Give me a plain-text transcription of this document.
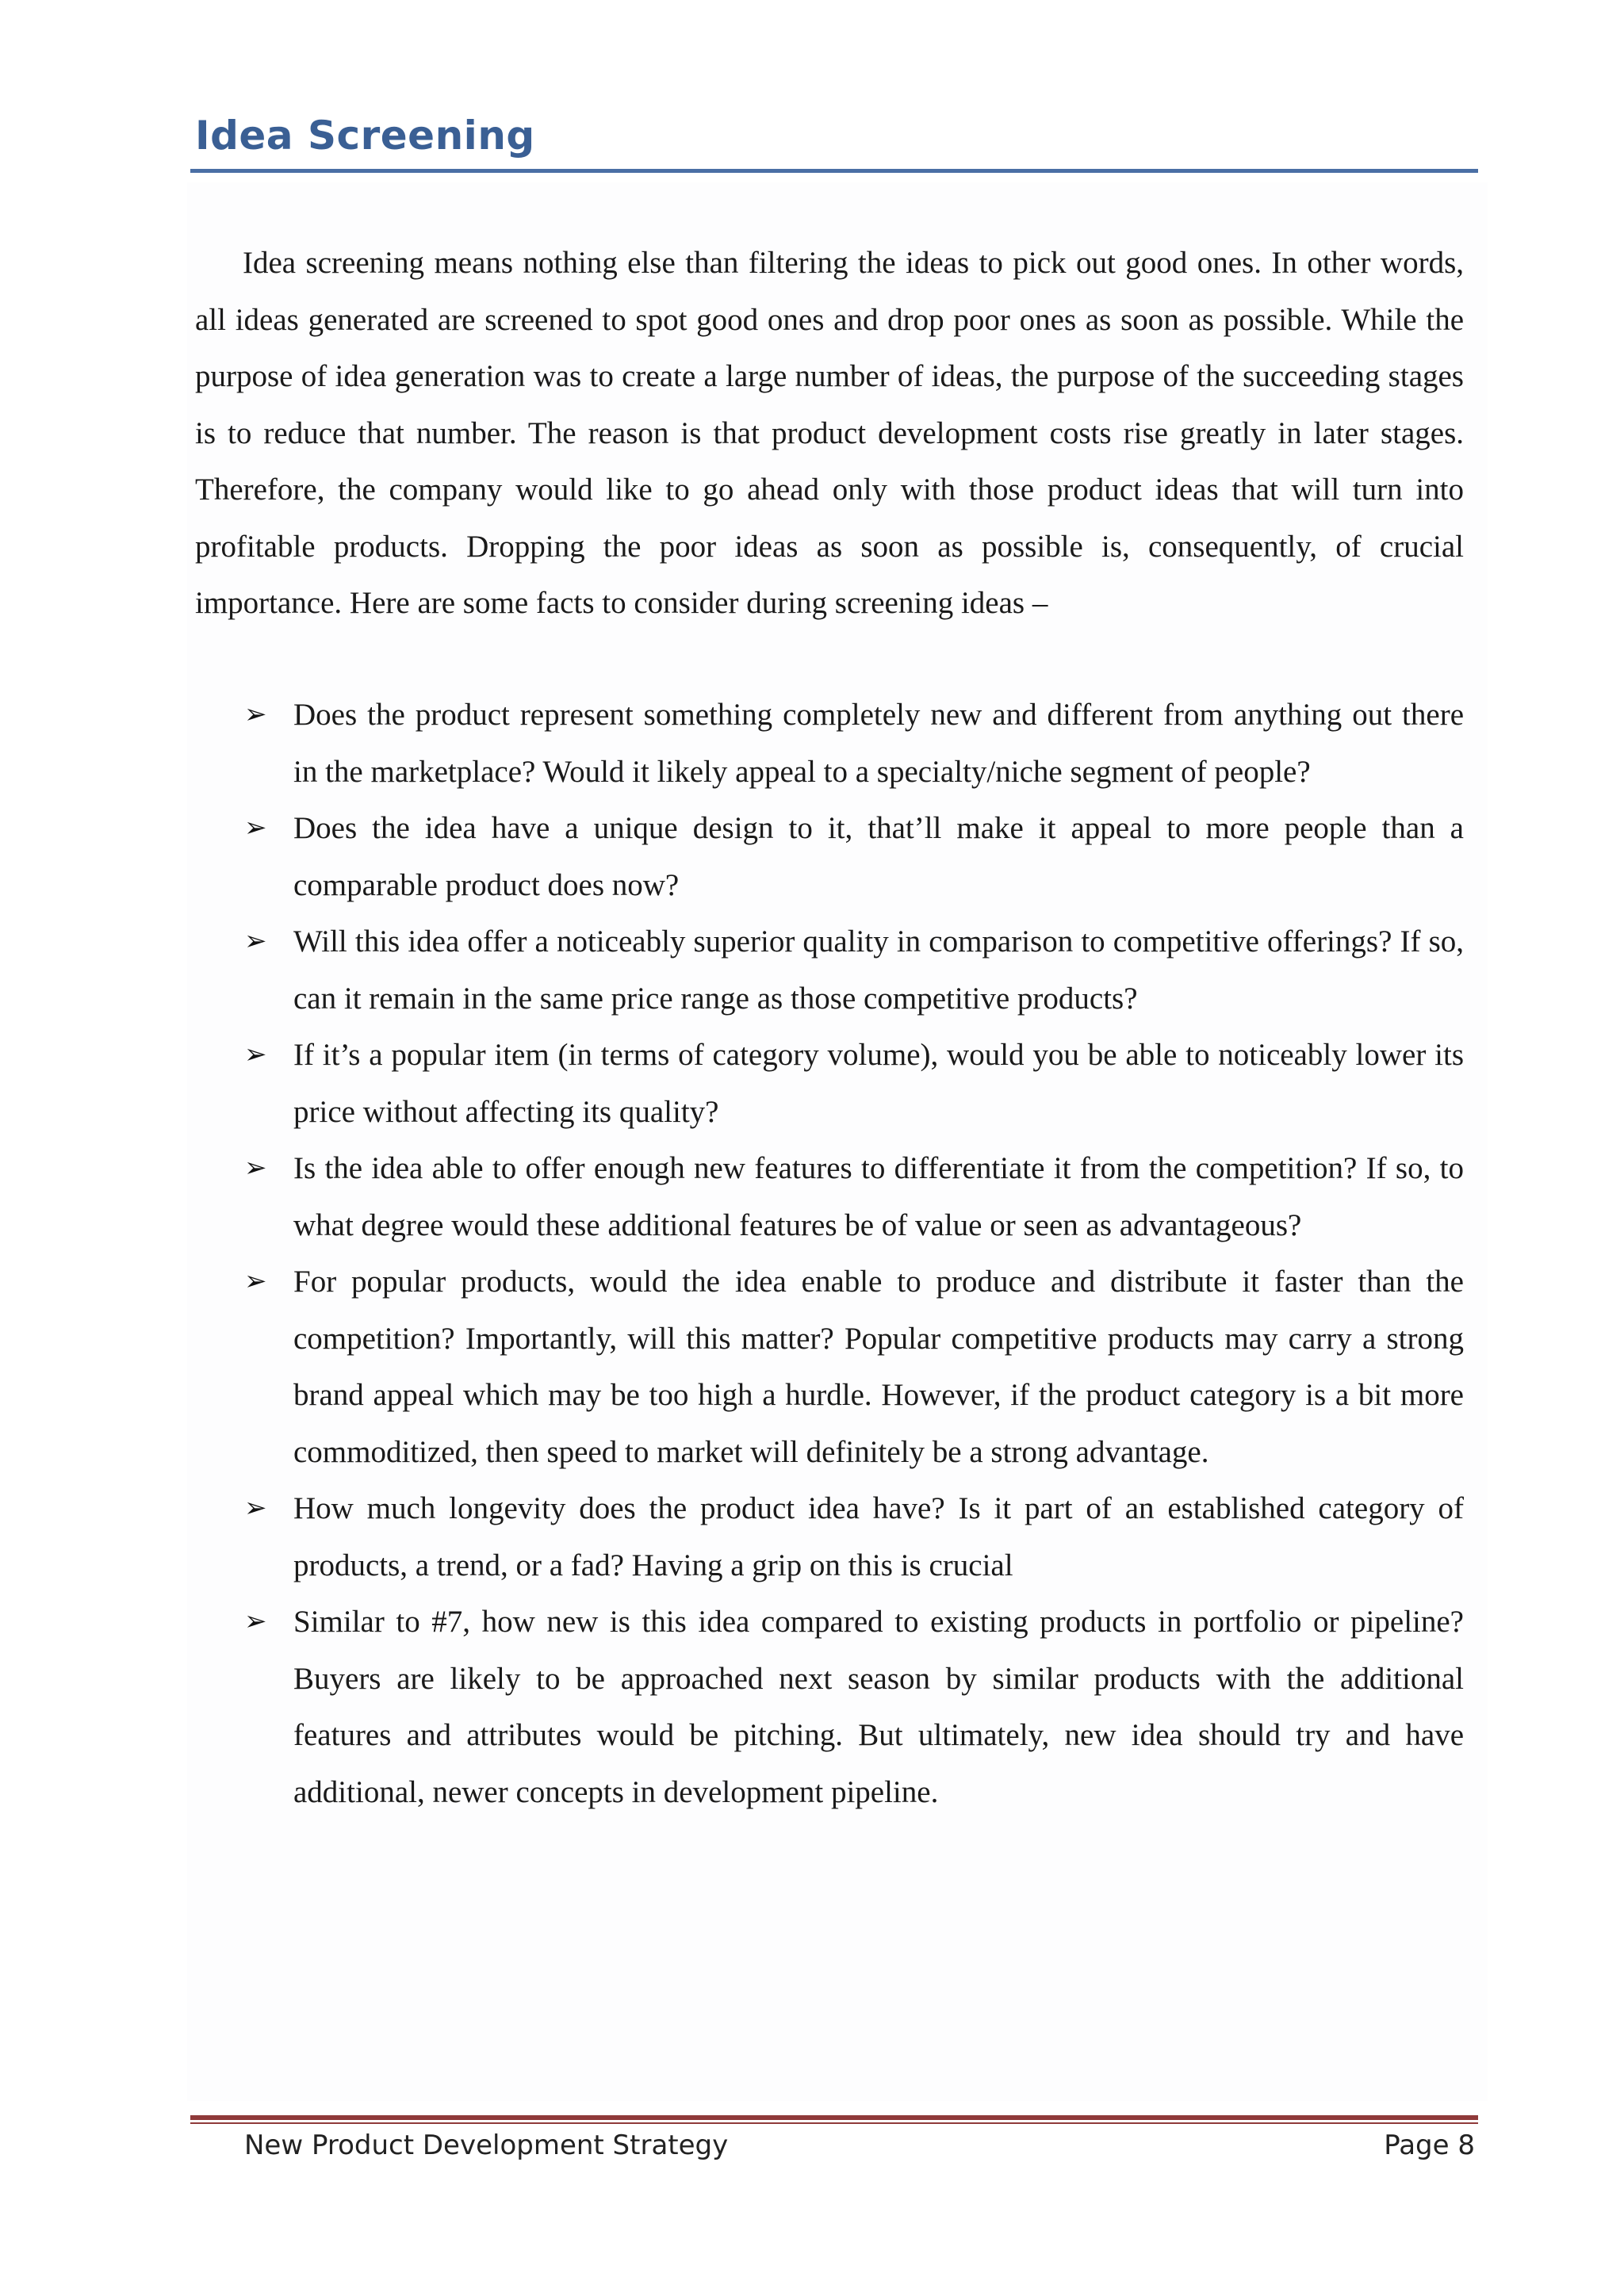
Idea Screening

Idea screening means nothing else than filtering the ideas to pick out good ones. In other words, all ideas generated are screened to spot good ones and drop poor ones as soon as possible. While the purpose of idea generation was to create a large number of ideas, the purpose of the succeeding stages is to reduce that number. The reason is that product development costs rise greatly in later stages. Therefore, the company would like to go ahead only with those product ideas that will turn into profitable products. Dropping the poor ideas as soon as possible is, consequently, of crucial importance. Here are some facts to consider during screening ideas –

➢ Does the product represent something completely new and different from anything out there in the marketplace? Would it likely appeal to a specialty/niche segment of people?
➢ Does the idea have a unique design to it, that’ll make it appeal to more people than a comparable product does now?
➢ Will this idea offer a noticeably superior quality in comparison to competitive offerings? If so, can it remain in the same price range as those competitive products?
➢ If it’s a popular item (in terms of category volume), would you be able to noticeably lower its price without affecting its quality?
➢ Is the idea able to offer enough new features to differentiate it from the competition? If so, to what degree would these additional features be of value or seen as advantageous?
➢ For popular products, would the idea enable to produce and distribute it faster than the competition? Importantly, will this matter? Popular competitive products may carry a strong brand appeal which may be too high a hurdle. However, if the product category is a bit more commoditized, then speed to market will definitely be a strong advantage.
➢ How much longevity does the product idea have? Is it part of an established category of products, a trend, or a fad? Having a grip on this is crucial
➢ Similar to #7, how new is this idea compared to existing products in portfolio or pipeline? Buyers are likely to be approached next season by similar products with the additional features and attributes would be pitching. But ultimately, new idea should try and have additional, newer concepts in development pipeline.
New Product Development Strategy	Page 8
